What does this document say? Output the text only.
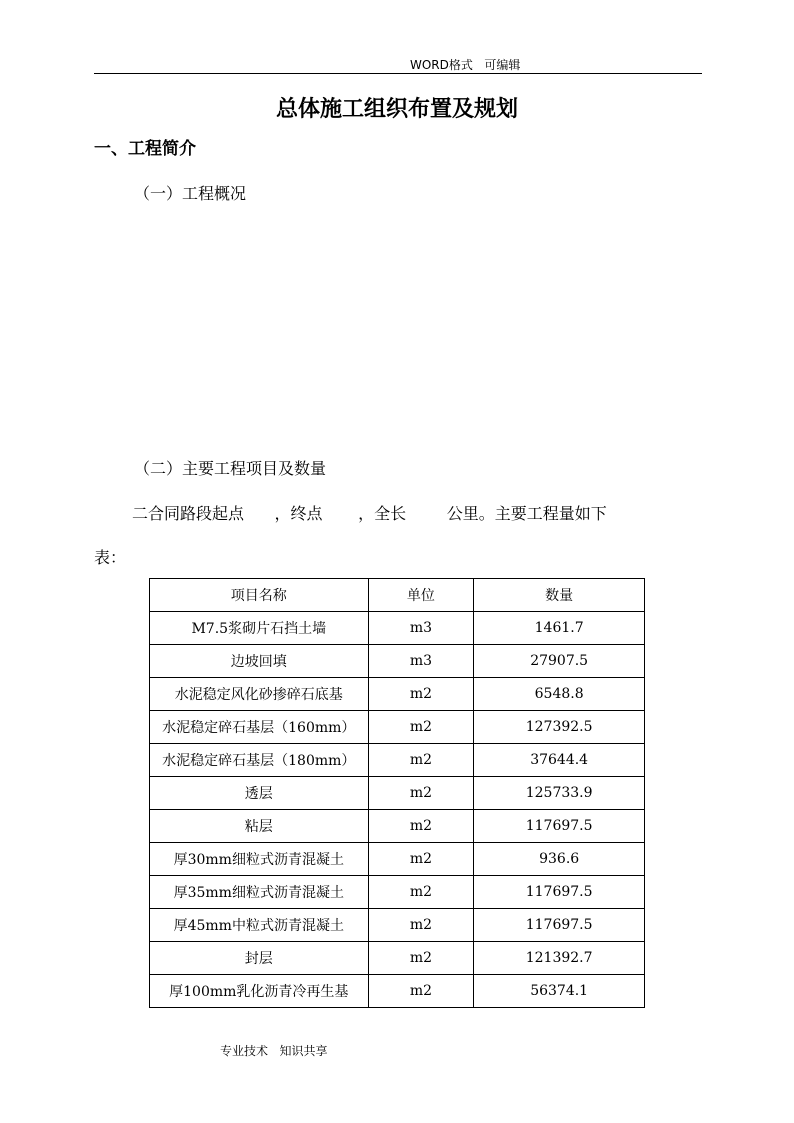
WORD格式   可编辑
总体施工组织布置及规划
一、工程简介
（一）工程概况
（二）主要工程项目及数量
二合同路段起点      ，终点       ，全长        公里。主要工程量如下
表：
项目名称	单位	数量
M7.5浆砌片石挡土墙	m3	1461.7
边坡回填	m3	27907.5
水泥稳定风化砂掺碎石底基	m2	6548.8
水泥稳定碎石基层（160mm）	m2	127392.5
水泥稳定碎石基层（180mm）	m2	37644.4
透层	m2	125733.9
粘层	m2	117697.5
厚30mm细粒式沥青混凝土	m2	936.6
厚35mm细粒式沥青混凝土	m2	117697.5
厚45mm中粒式沥青混凝土	m2	117697.5
封层	m2	121392.7
厚100mm乳化沥青冷再生基	m2	56374.1
专业技术   知识共享
